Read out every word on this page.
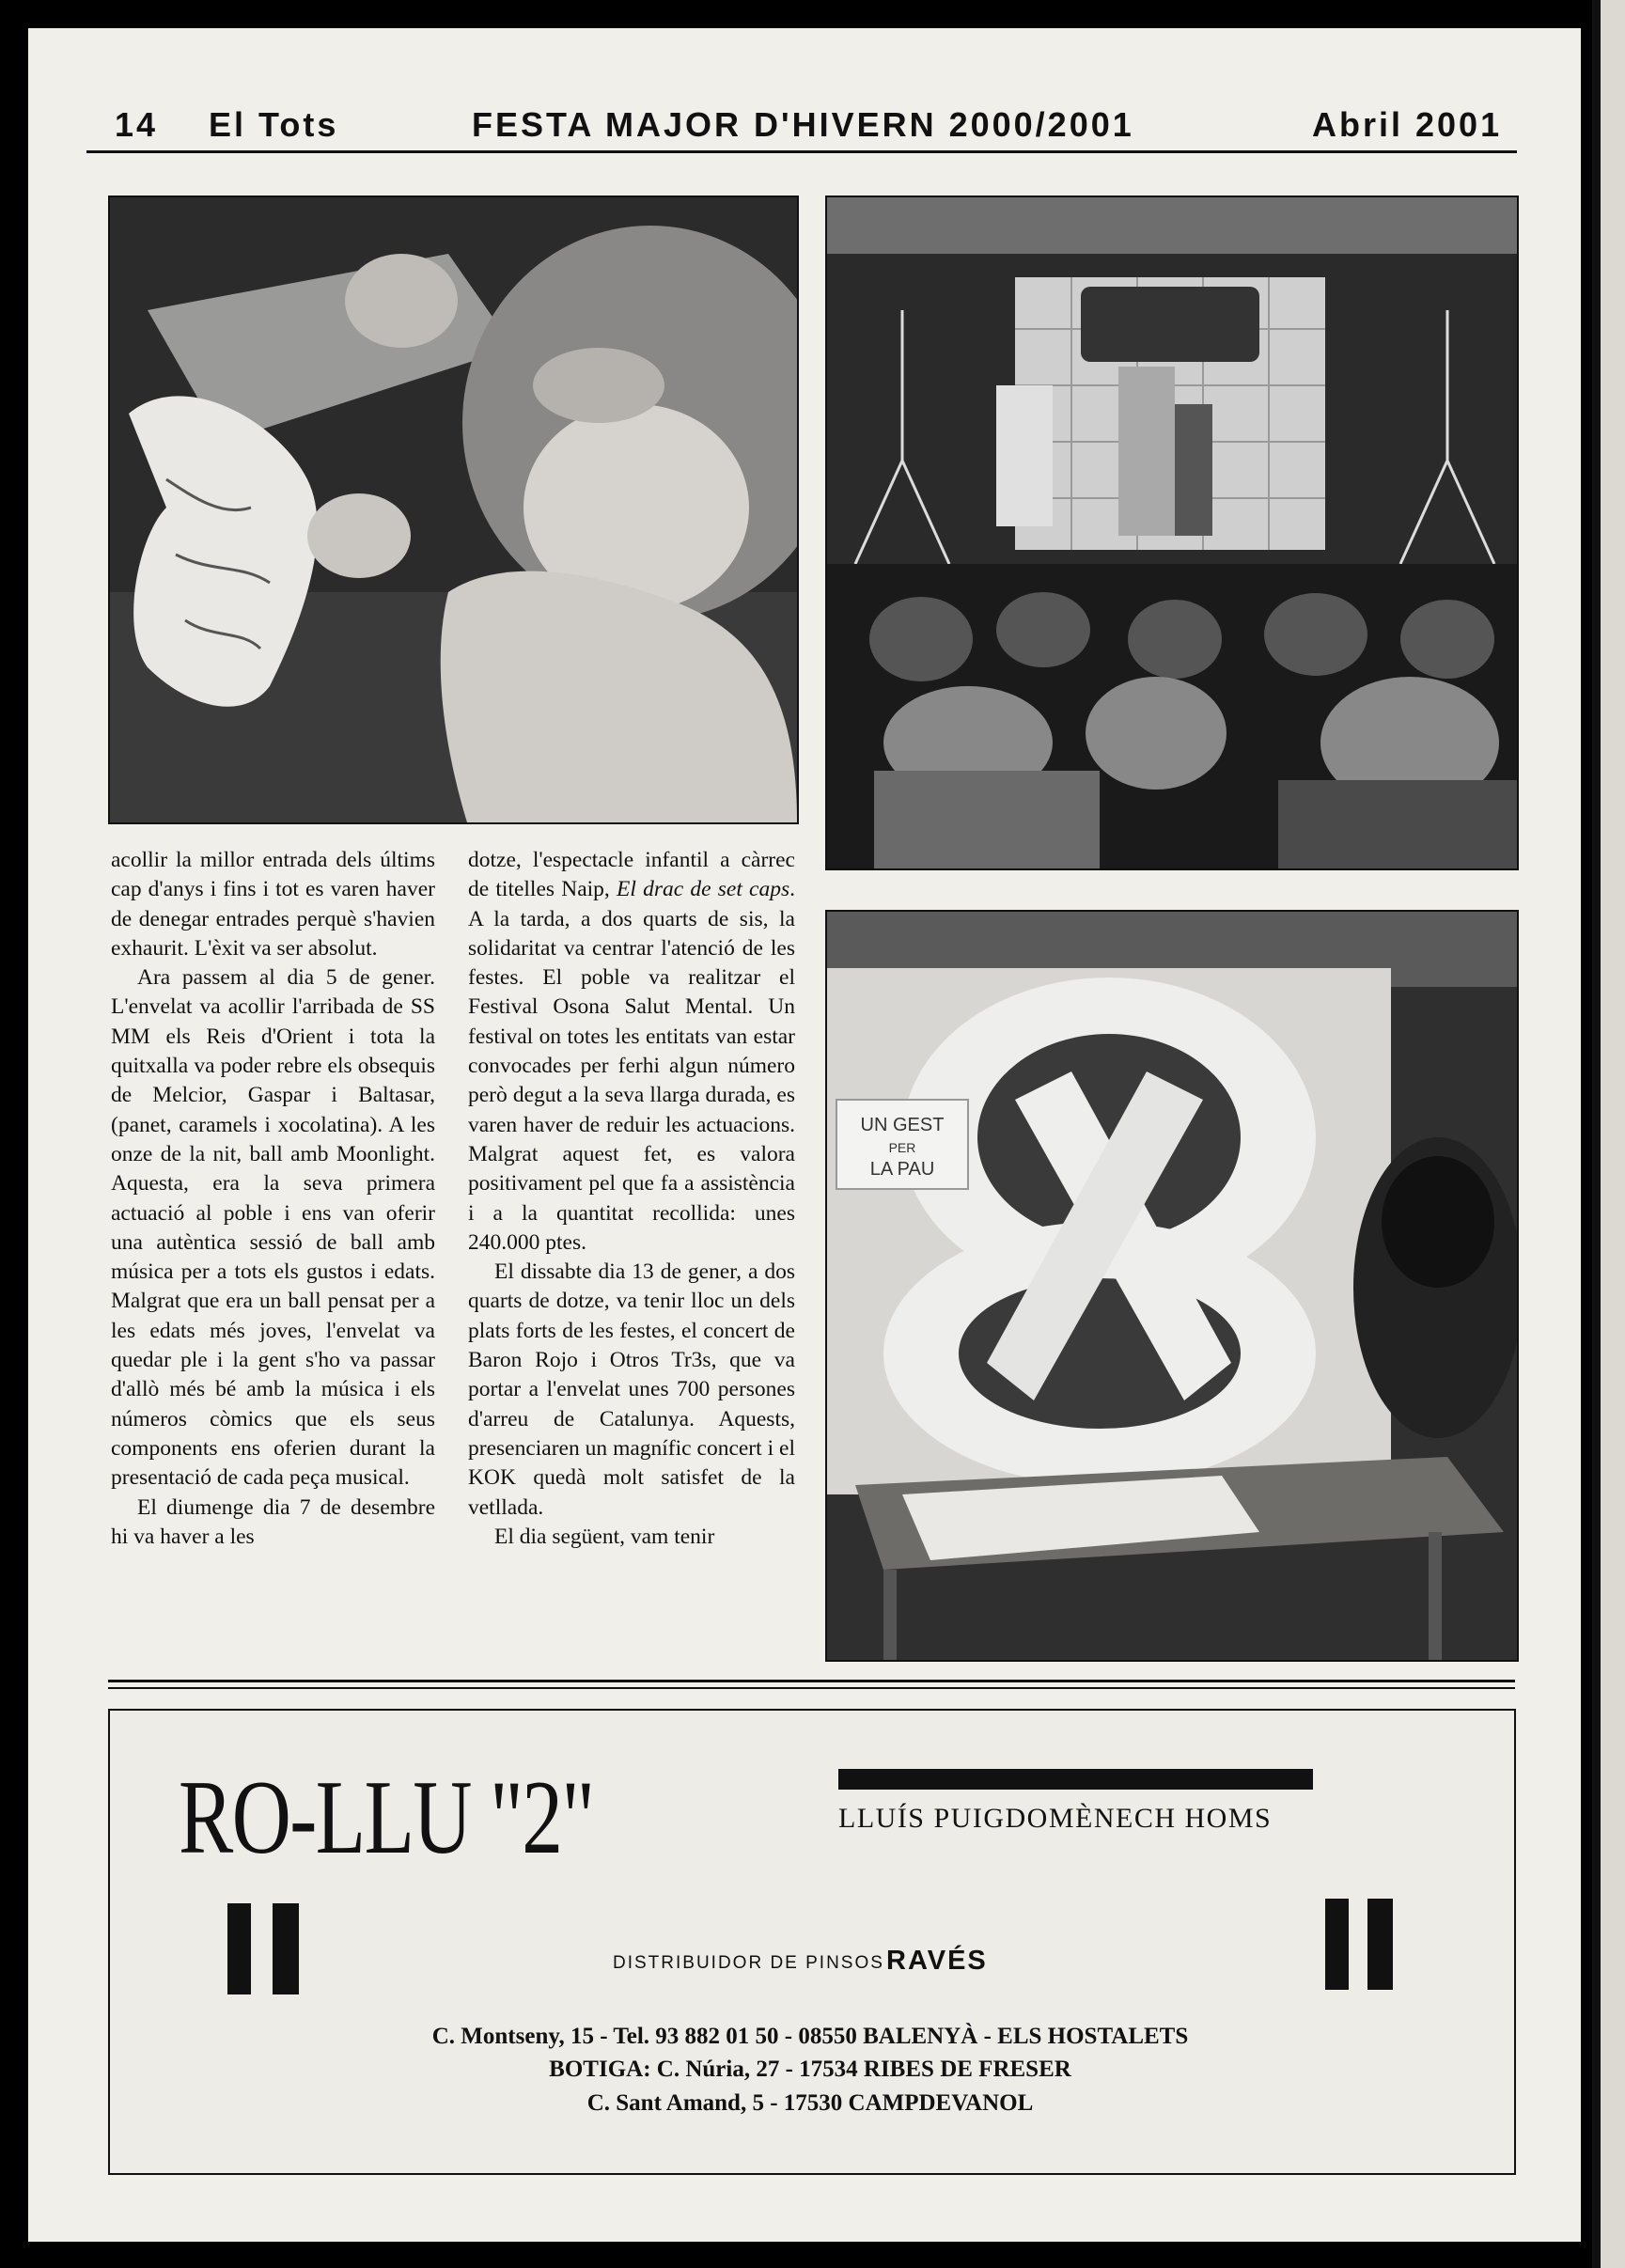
14 El Tots	FESTA MAJOR D'HIVERN 2000/2001	Abril 2001
UN GEST
PER
LA PAU

acollir la millor entrada dels últims cap d'anys i fins i tot es varen haver de denegar entrades perquè s'havien exhaurit. L'èxit va ser absolut.

Ara passem al dia 5 de gener. L'envelat va acollir l'arribada de SS MM els Reis d'Orient i tota la quitxalla va poder rebre els obsequis de Melcior, Gaspar i Baltasar, (panet, caramels i xocolatina). A les onze de la nit, ball amb Moonlight. Aquesta, era la seva primera actuació al poble i ens van oferir una autèntica sessió de ball amb música per a tots els gustos i edats. Malgrat que era un ball pensat per a les edats més joves, l'envelat va quedar ple i la gent s'ho va passar d'allò més bé amb la música i els números còmics que els seus components ens oferien durant la presentació de cada peça musical.

El diumenge dia 7 de desembre hi va haver a les

dotze, l'espectacle infantil a càrrec de titelles Naip, El drac de set caps. A la tarda, a dos quarts de sis, la solidaritat va centrar l'atenció de les festes. El poble va realitzar el Festival Osona Salut Mental. Un festival on totes les entitats van estar convocades per ferhi algun número però degut a la seva llarga durada, es varen haver de reduir les actuacions. Malgrat aquest fet, es valora positivament pel que fa a assistència i a la quantitat recollida: unes 240.000 ptes.

El dissabte dia 13 de gener, a dos quarts de dotze, va tenir lloc un dels plats forts de les festes, el concert de Baron Rojo i Otros Tr3s, que va portar a l'envelat unes 700 persones d'arreu de Catalunya. Aquests, presenciaren un magnífic concert i el KOK quedà molt satisfet de la vetllada.

El dia següent, vam tenir

RO-LLU "2"	LLUÍS PUIGDOMÈNECH HOMS
DISTRIBUIDOR DE PINSOS RAVÉS
C. Montseny, 15 - Tel. 93 882 01 50 - 08550 BALENYÀ - ELS HOSTALETS
BOTIGA: C. Núria, 27 - 17534 RIBES DE FRESER
C. Sant Amand, 5 - 17530 CAMPDEVANOL
